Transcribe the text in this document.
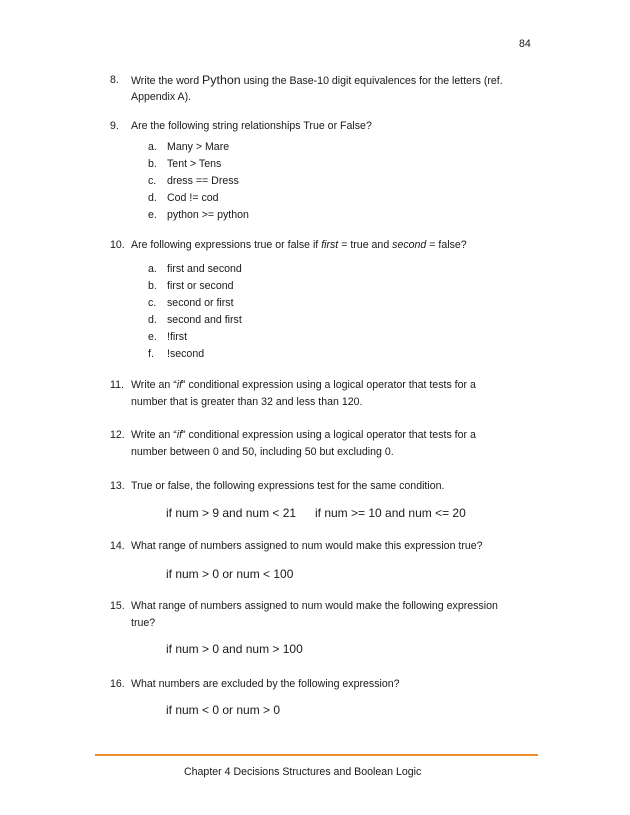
84
8. Write the word Python using the Base-10 digit equivalences for the letters (ref.
Appendix A).
9. Are the following string relationships True or False?
a. Many > Mare
b. Tent > Tens
c. dress == Dress
d. Cod != cod
e. python >= python
10. Are following expressions true or false if first = true and second = false?
a. first and second
b. first or second
c. second or first
d. second and first
e. !first
f. !second
11. Write an “if” conditional expression using a logical operator that tests for a
number that is greater than 32 and less than 120.
12. Write an “if” conditional expression using a logical operator that tests for a
number between 0 and 50, including 50 but excluding 0.
13. True or false, the following expressions test for the same condition.
if num > 9 and num < 21 if num >= 10 and num <= 20
14. What range of numbers assigned to num would make this expression true?
if num > 0 or num < 100
15. What range of numbers assigned to num would make the following expression
true?
if num > 0 and num > 100
16. What numbers are excluded by the following expression?
if num < 0 or num > 0
Chapter 4 Decisions Structures and Boolean Logic
